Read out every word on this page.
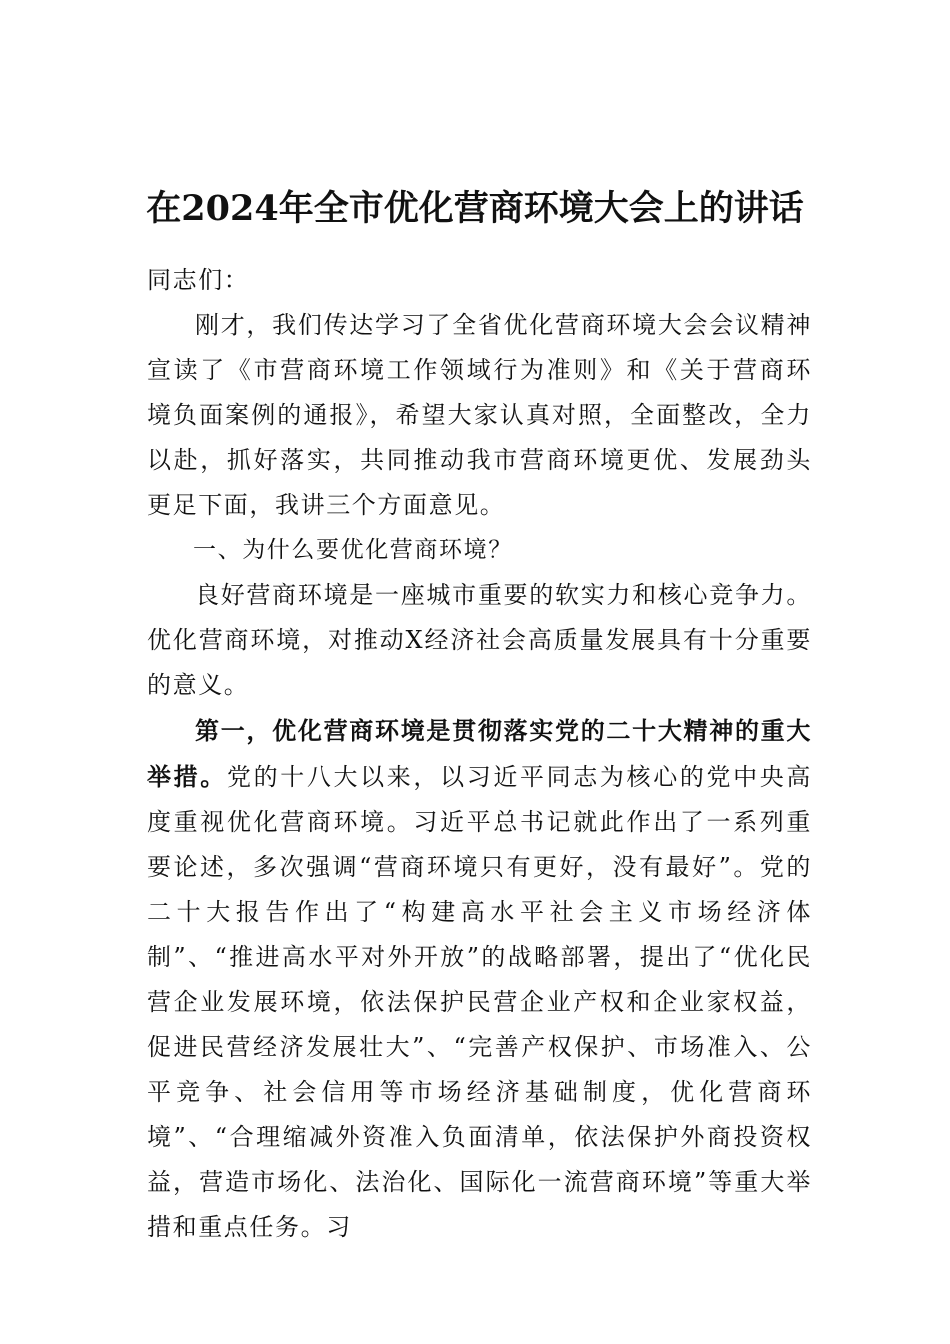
在2024年全市优化营商环境大会上的讲话

同志们：

刚才，我们传达学习了全省优化营商环境大会会议精神宣读了《市营商环境工作领域行为准则》和《关于营商环境负面案例的通报》，希望大家认真对照，全面整改，全力以赴，抓好落实，共同推动我市营商环境更优、发展劲头更足下面，我讲三个方面意见。

一、为什么要优化营商环境？

良好营商环境是一座城市重要的软实力和核心竞争力。优化营商环境，对推动X经济社会高质量发展具有十分重要的意义。

第一，优化营商环境是贯彻落实党的二十大精神的重大举措。党的十八大以来，以习近平同志为核心的党中央高度重视优化营商环境。习近平总书记就此作出了一系列重要论述，多次强调“营商环境只有更好，没有最好”。党的二十大报告作出了“构建高水平社会主义市场经济体制”、“推进高水平对外开放”的战略部署，提出了“优化民营企业发展环境，依法保护民营企业产权和企业家权益，促进民营经济发展壮大”、“完善产权保护、市场准入、公平竞争、社会信用等市场经济基础制度，优化营商环境”、“合理缩减外资准入负面清单，依法保护外商投资权益，营造市场化、法治化、国际化一流营商环境”等重大举措和重点任务。习
